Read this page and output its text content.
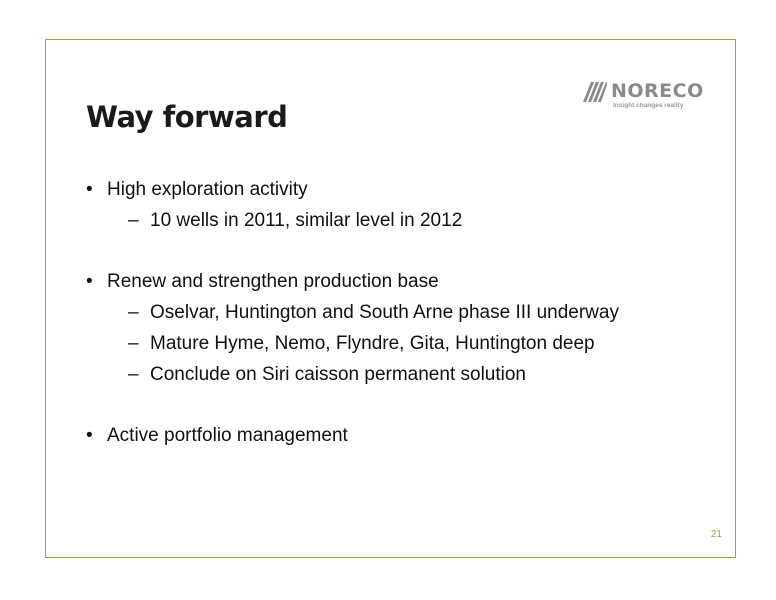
Way forward
NORECO
insight changes reality
• High exploration activity
– 10 wells in 2011, similar level in 2012
• Renew and strengthen production base
– Oselvar, Huntington and South Arne phase III underway
– Mature Hyme, Nemo, Flyndre, Gita, Huntington deep
– Conclude on Siri caisson permanent solution
• Active portfolio management
21
